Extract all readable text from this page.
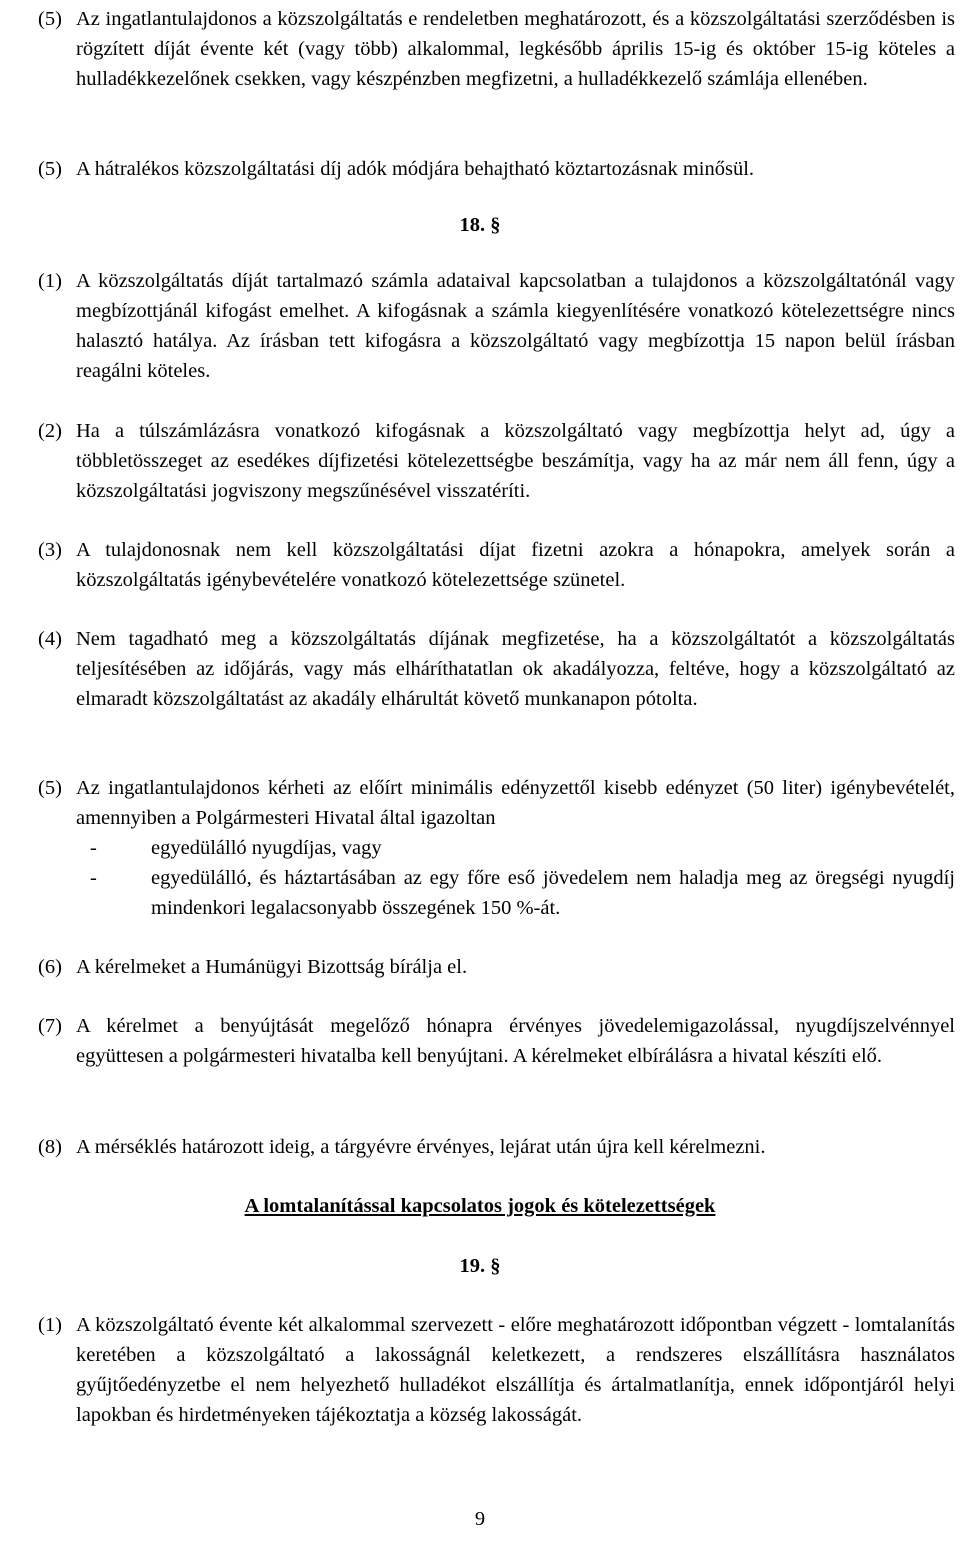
(5) Az ingatlantulajdonos a közszolgáltatás e rendeletben meghatározott, és a közszolgáltatási szerződésben is rögzített díját évente két (vagy több) alkalommal, legkésőbb április 15-ig és október 15-ig köteles a hulladékkezelőnek csekken, vagy készpénzben megfizetni, a hulladékkezelő számlája ellenében.

(5) A hátralékos közszolgáltatási díj adók módjára behajtható köztartozásnak minősül.

18. §

(1) A közszolgáltatás díját tartalmazó számla adataival kapcsolatban a tulajdonos a közszolgáltatónál vagy megbízottjánál kifogást emelhet. A kifogásnak a számla kiegyenlítésére vonatkozó kötelezettségre nincs halasztó hatálya. Az írásban tett kifogásra a közszolgáltató vagy megbízottja 15 napon belül írásban reagálni köteles.

(2) Ha a túlszámlázásra vonatkozó kifogásnak a közszolgáltató vagy megbízottja helyt ad, úgy a többletösszeget az esedékes díjfizetési kötelezettségbe beszámítja, vagy ha az már nem áll fenn, úgy a közszolgáltatási jogviszony megszűnésével visszatéríti.

(3) A tulajdonosnak nem kell közszolgáltatási díjat fizetni azokra a hónapokra, amelyek során a közszolgáltatás igénybevételére vonatkozó kötelezettsége szünetel.

(4) Nem tagadható meg a közszolgáltatás díjának megfizetése, ha a közszolgáltatót a közszolgáltatás teljesítésében az időjárás, vagy más elháríthatatlan ok akadályozza, feltéve, hogy a közszolgáltató az elmaradt közszolgáltatást az akadály elhárultát követő munkanapon pótolta.

(5) Az ingatlantulajdonos kérheti az előírt minimális edényzettől kisebb edényzet (50 liter) igénybevételét, amennyiben a Polgármesteri Hivatal által igazoltan

-	egyedülálló nyugdíjas, vagy

-	egyedülálló, és háztartásában az egy főre eső jövedelem nem haladja meg az öregségi nyugdíj mindenkori legalacsonyabb összegének 150 %-át.

(6) A kérelmeket a Humánügyi Bizottság bírálja el.

(7) A kérelmet a benyújtását megelőző hónapra érvényes jövedelemigazolással, nyugdíjszelvénnyel együttesen a polgármesteri hivatalba kell benyújtani. A kérelmeket elbírálásra a hivatal készíti elő.

(8) A mérséklés határozott ideig, a tárgyévre érvényes, lejárat után újra kell kérelmezni.

A lomtalanítással kapcsolatos jogok és kötelezettségek

19. §

(1) A közszolgáltató évente két alkalommal szervezett - előre meghatározott időpontban végzett - lomtalanítás keretében a közszolgáltató a lakosságnál keletkezett, a rendszeres elszállításra használatos gyűjtőedényzetbe el nem helyezhető hulladékot elszállítja és ártalmatlanítja, ennek időpontjáról helyi lapokban és hirdetményeken tájékoztatja a község lakosságát.

9
